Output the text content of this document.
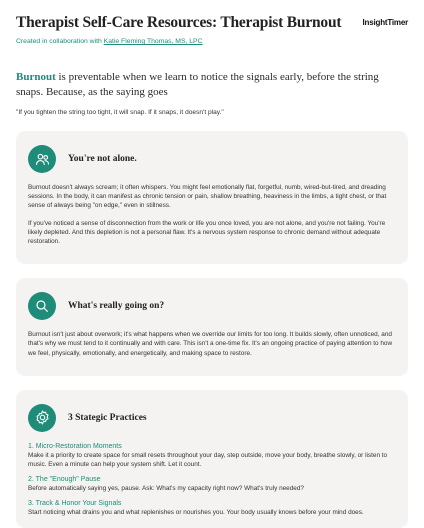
Therapist Self-Care Resources: Therapist Burnout	InsightTimer
Created in collaboration with Katie Fleming Thomas, MS, LPC
Burnout is preventable when we learn to notice the signals early, before the string snaps. Because, as the saying goes
"If you tighten the string too tight, it will snap. If it snaps, it doesn't play."
You're not alone.

Burnout doesn't always scream; it often whispers. You might feel emotionally flat, forgetful, numb, wired-but-tired, and dreading sessions. In the body, it can manifest as chronic tension or pain, shallow breathing, heaviness in the limbs, a tight chest, or that sense of always being "on edge," even in stillness.

If you've noticed a sense of disconnection from the work or life you once loved, you are not alone, and you're not failing. You're likely depleted. And this depletion is not a personal flaw. It's a nervous system response to chronic demand without adequate restoration.

What's really going on?

Burnout isn't just about overwork; it's what happens when we override our limits for too long. It builds slowly, often unnoticed, and that's why we must tend to it continually and with care. This isn't a one-time fix. It's an ongoing practice of paying attention to how we feel, physically, emotionally, and energetically, and making space to restore.

3 Stategic Practices
1. Micro-Restoration Moments
Make it a priority to create space for small resets throughout your day, step outside, move your body, breathe slowly, or listen to music. Even a minute can help your system shift. Let it count.
2. The "Enough" Pause
Before automatically saying yes, pause. Ask: What's my capacity right now? What's truly needed?
3. Track & Honor Your Signals
Start noticing what drains you and what replenishes or nourishes you. Your body usually knows before your mind does.
